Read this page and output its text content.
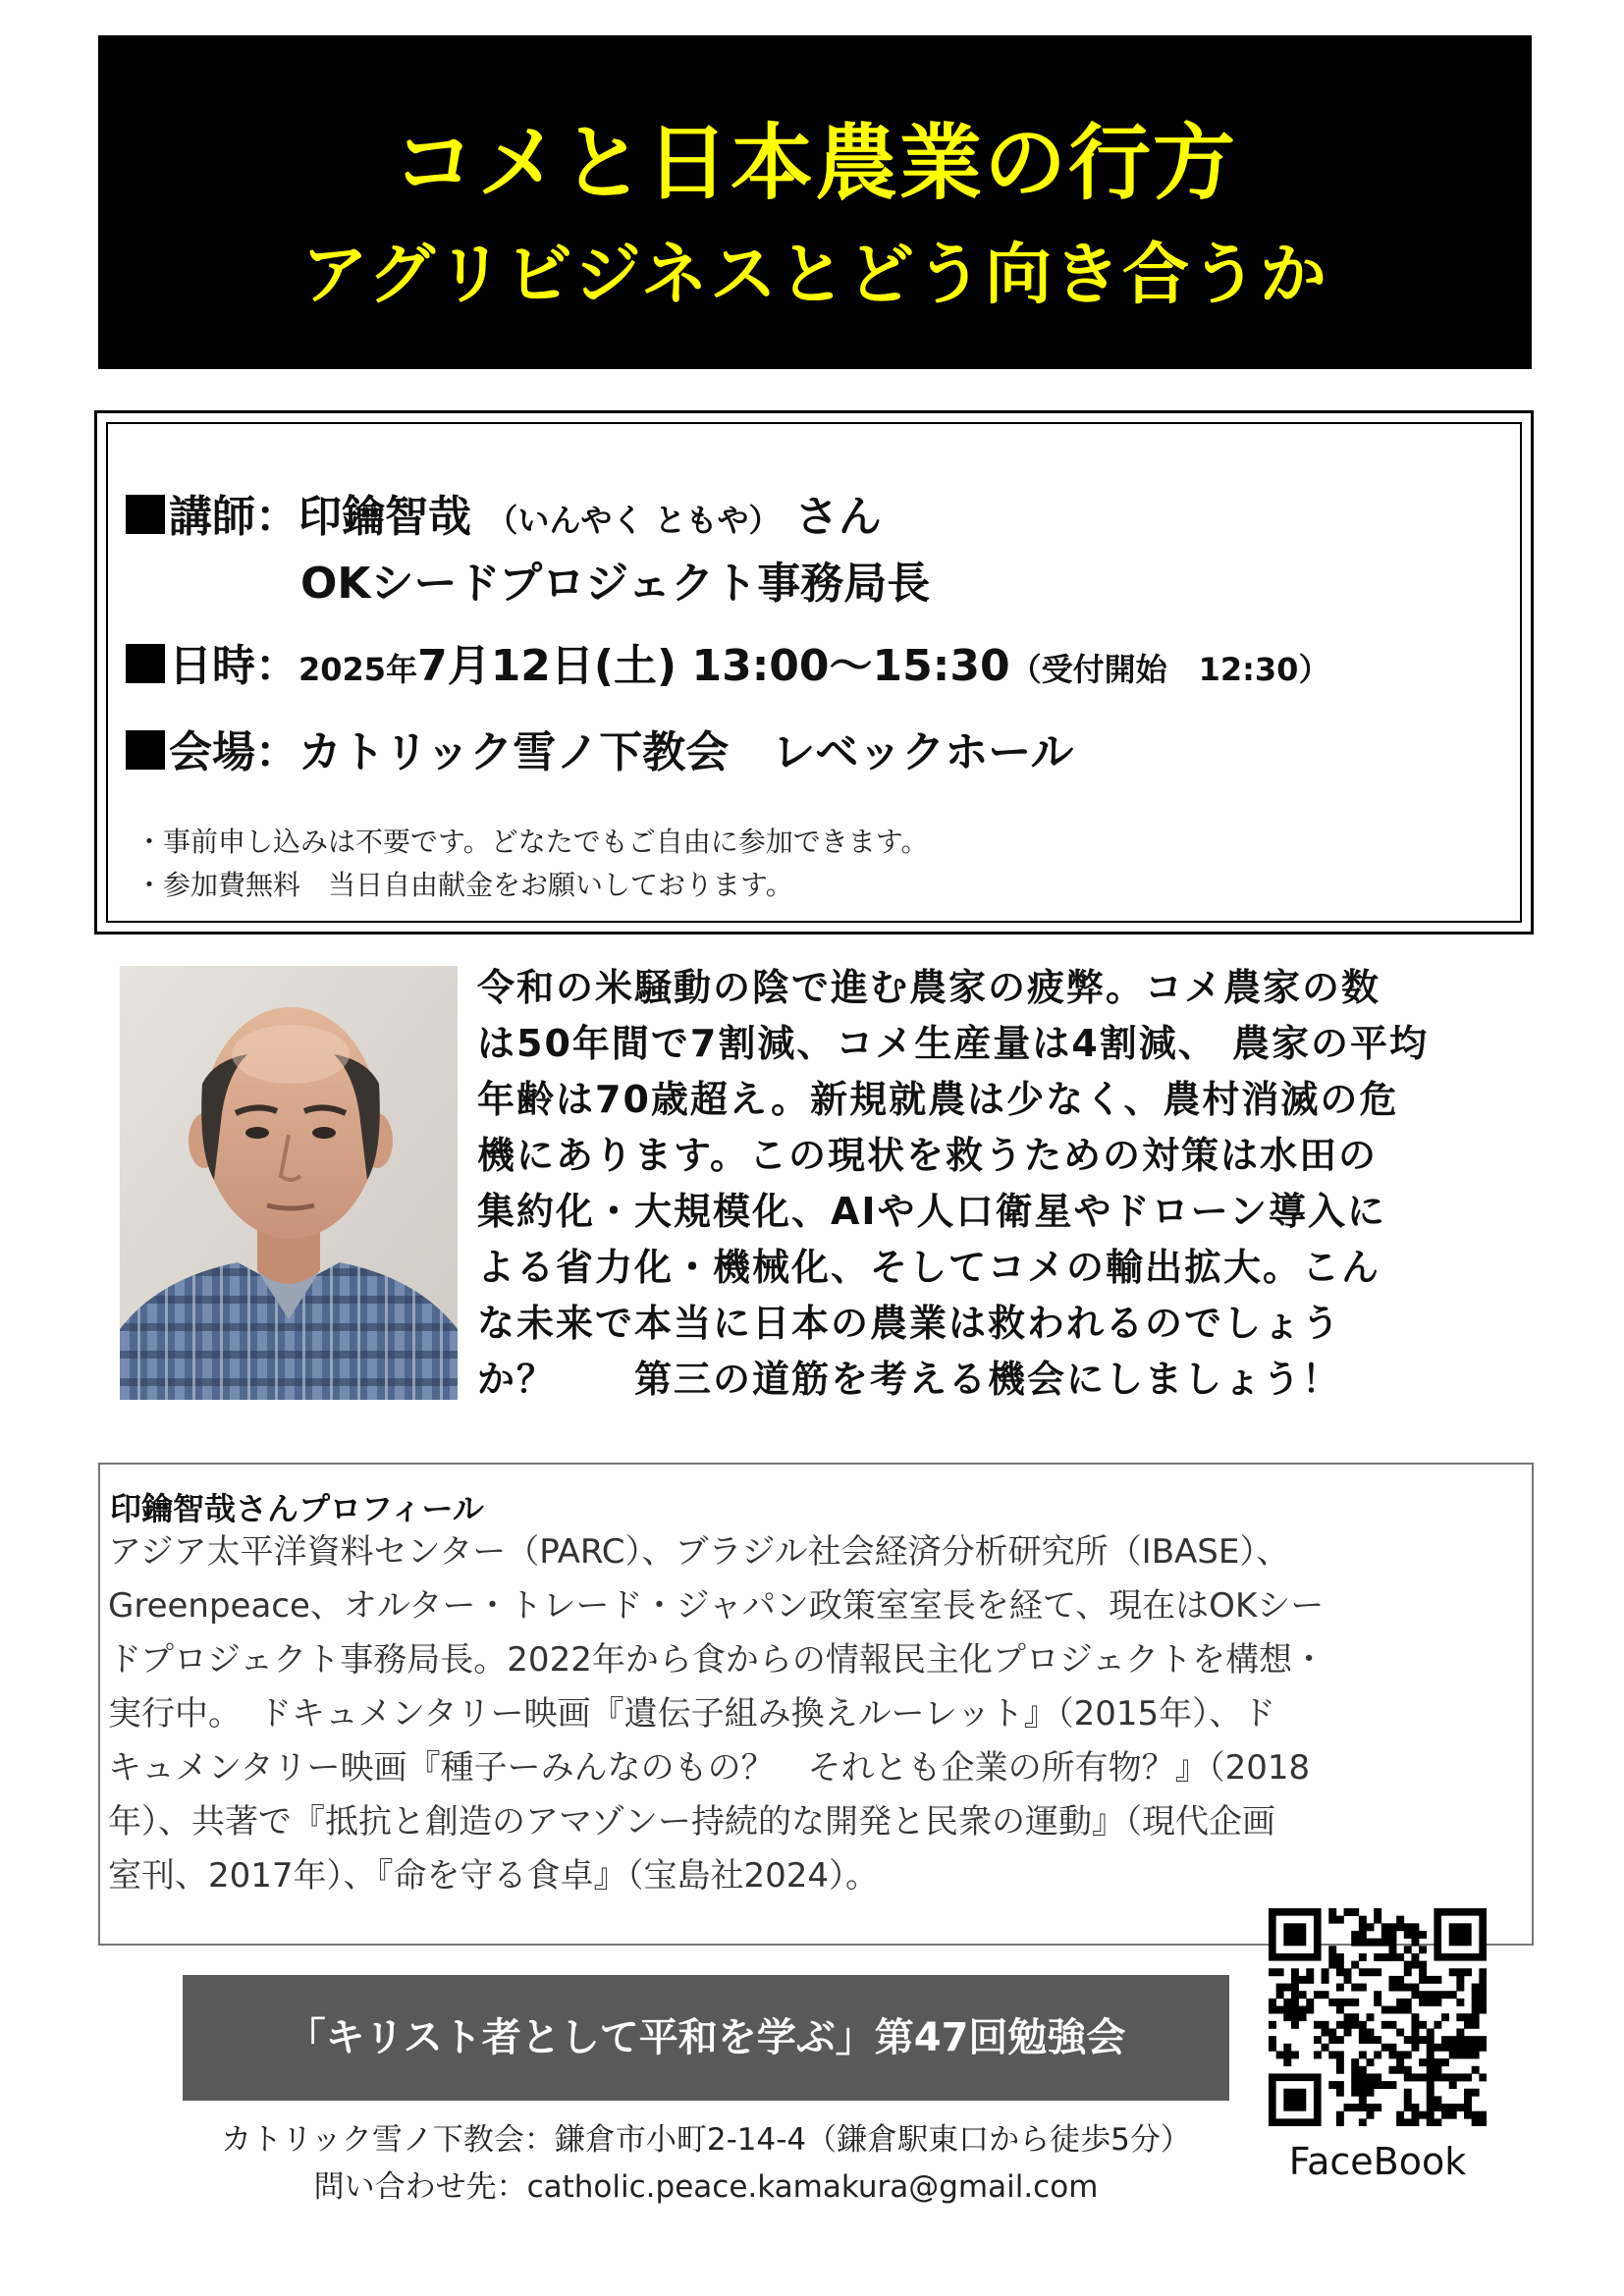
コメと日本農業の行方
アグリビジネスとどう向き合うか
講師：印鑰智哉 （いんやく ともや） さん
OKシードプロジェクト事務局長
日時：2025年7月12日(土) 13:00～15:30（受付開始　12:30）
会場：カトリック雪ノ下教会　レベックホール
・事前申し込みは不要です。どなたでもご自由に参加できます。
・参加費無料　当日自由献金をお願いしております。
令和の米騒動の陰で進む農家の疲弊。コメ農家の数
は50年間で7割減、コメ生産量は4割減、 農家の平均
年齢は70歳超え。新規就農は少なく、農村消滅の危
機にあります。この現状を救うための対策は水田の
集約化・大規模化、AIや人口衛星やドローン導入に
よる省力化・機械化、そしてコメの輸出拡大。こん
な未来で本当に日本の農業は救われるのでしょう
か？　　第三の道筋を考える機会にしましょう！
印鑰智哉さんプロフィール
アジア太平洋資料センター（PARC）、ブラジル社会経済分析研究所（IBASE）、
Greenpeace、オルター・トレード・ジャパン政策室室長を経て、現在はOKシー
ドプロジェクト事務局長。2022年から食からの情報民主化プロジェクトを構想・
実行中。　ドキュメンタリー映画『遺伝子組み換えルーレット』（2015年）、ド
キュメンタリー映画『種子ーみんなのもの？　それとも企業の所有物？』（2018
年）、共著で『抵抗と創造のアマゾンー持続的な開発と民衆の運動』（現代企画
室刊、2017年）、『命を守る食卓』（宝島社2024）。
「キリスト者として平和を学ぶ」第47回勉強会
カトリック雪ノ下教会：鎌倉市小町2-14-4（鎌倉駅東口から徒歩5分）
問い合わせ先：catholic.peace.kamakura@gmail.com
FaceBook
